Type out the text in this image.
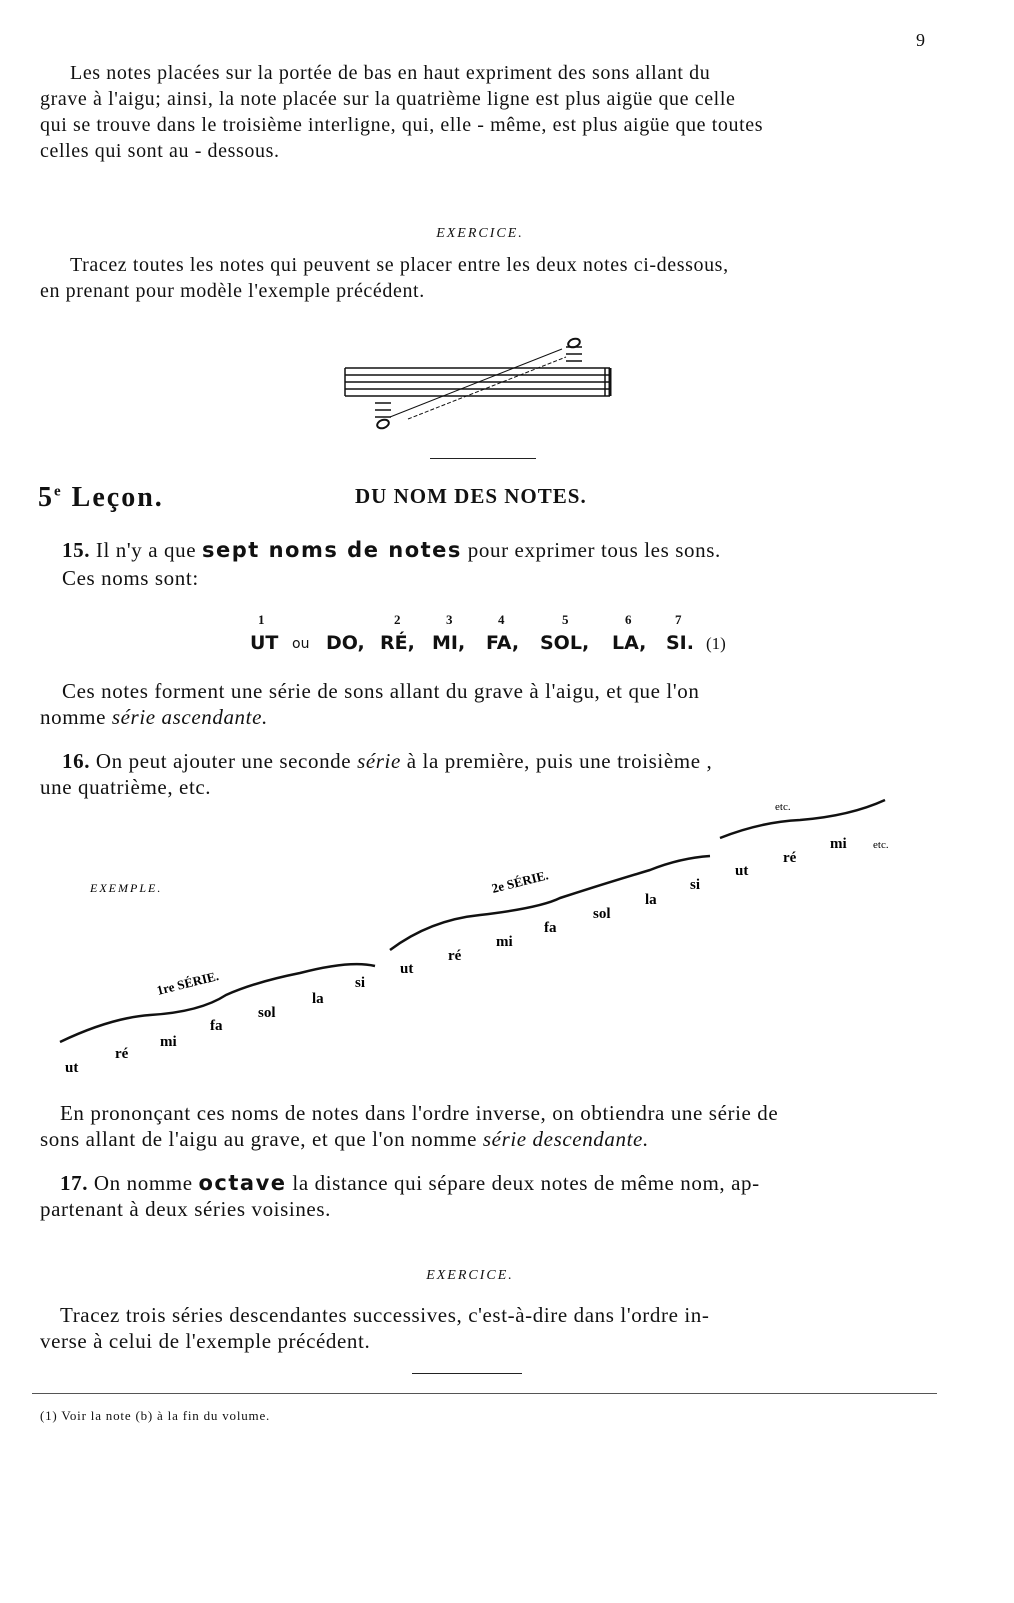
9
Les notes placées sur la portée de bas en haut expriment des sons allant du
grave à l'aigu; ainsi, la note placée sur la quatrième ligne est plus aigüe que celle
qui se trouve dans le troisième interligne, qui, elle - même, est plus aigüe que toutes
celles qui sont au - dessous.
EXERCICE.
Tracez toutes les notes qui peuvent se placer entre les deux notes ci-dessous,
en prenant pour modèle l'exemple précédent.
5e Leçon.	DU NOM DES NOTES.
15. Il n'y a que sept noms de notes pour exprimer tous les sons.
Ces noms sont:
1
UT ou DO,
2
RÉ,
3
MI,
4
FA,
5
SOL,
6
LA,
7
SI. (1)
Ces notes forment une série de sons allant du grave à l'aigu, et que l'on
nomme série ascendante.
16. On peut ajouter une seconde série à la première, puis une troisième ,
une quatrième, etc.
EXEMPLE.
1re SÉRIE.
2e SÉRIE.
etc.
etc.
ut
ré
mi
fa
sol
la
si
ut
ré
mi
fa
sol
la
si
ut
ré
mi
En prononçant ces noms de notes dans l'ordre inverse, on obtiendra une série de
sons allant de l'aigu au grave, et que l'on nomme série descendante.
17. On nomme octave la distance qui sépare deux notes de même nom, ap-
partenant à deux séries voisines.
EXERCICE.
Tracez trois séries descendantes successives, c'est-à-dire dans l'ordre in-
verse à celui de l'exemple précédent.
(1) Voir la note (b) à la fin du volume.
